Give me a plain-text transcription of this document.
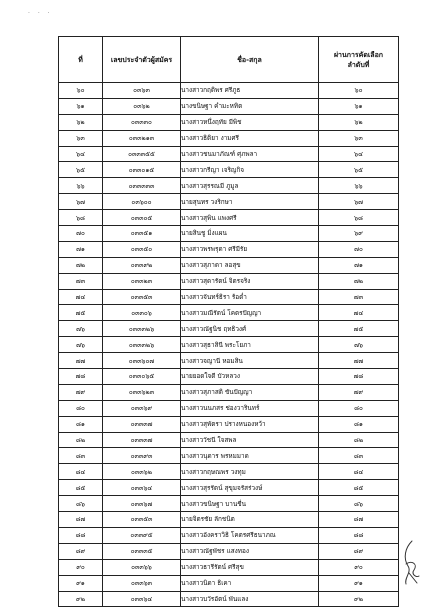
· · ·
ที่	เลขประจำตัวผู้สมัคร	ชื่อ-สกุล	ผ่านการคัดเลือก
ลำดับที่
๖๐	๐๓๖๓	นางสาวกฤติพร ศรีภูธ	๖๐
๖๑	๐๓๖๒	นางขนิษฐา คำมะหทิต	๖๑
๖๒	๐๓๓๓๐	นางสาวหนึ่งฤทัย มีพิช	๖๒
๖๓	๐๓๓๒๑๓	นางสาวธิติยา งามศรี	๖๓
๖๔	๐๓๓๓๕๕	นางสาวชนมาภัณฑ์ ศุภพลา	๖๔
๖๕	๐๓๓๐๑๕	นางสาวกรีญา เจริญกิจ	๖๕
๖๖	๐๓๓๓๓๓	นางสาวสุรรณมี ภูมูล	๖๖
๖๗	๐๓๖๐๐	นายสุนทร วงริกษา	๖๗
๖๘	๐๓๓๐๕	นางสาวสุพิน แพงศรี	๖๘
๗๐	๐๓๓๕๑	นายสินชู มิ่งแผน	๖๙
๗๑	๐๓๓๕๐	นางสาวพรพรุดา ศรีมีรัย	๗๐
๗๒	๐๓๓๙๒	นางสาวสุภาดา ลอสุข	๗๑
๗๓	๐๓๓๒๓	นางสาวสุดารัตน์ จิตรจริง	๗๒
๗๔	๐๓๓๕๓	นางสาวจันทร์ธิรา ร้อต่ำ	๗๓
๗๕	๐๓๓๐๖	นางสาวมณีรัตน์ โคตรปัญญา	๗๔
๗๖	๐๓๓๓๒๖	นางสาวณัฐนิช ฤทธิวงศ์	๗๕
๗๖	๐๓๓๓๒๖	นางสาวสุธาสินี พระโยภา	๗๖
๗๗	๐๓๓๖๐๗	นางสาวจญานี หอมสิน	๗๗
๗๘	๐๓๓๐๖๕	นายยอดใจดี บัวหลวง	๗๘
๗๙	๐๓๓๖๒๓	นางสาวสุภาสติ ขันปัญญา	๗๙
๘๐	๐๓๓๖๙	นางสาวนนภสร ช่องวารินทร์	๘๐
๘๑	๐๓๓๓๗	นางสาวสุพัตรา ปรางหนองหว้า	๘๑
๘๒	๐๓๓๓๗	นางสาววัชนี ใจสพล	๘๒
๘๓	๐๓๓๙๓	นางสาวนุดาร พรหมมาด	๘๓
๘๔	๐๓๓๖๒	นางสาวกฤษณพร วงทุม	๘๔
๘๕	๐๓๓๖๔	นางสาวสุรรัตน์ สุขุมจรัสร่วงษ์	๘๕
๘๖	๐๓๓๖๗	นางสาวขนิษฐา บานชื่น	๘๖
๘๗	๐๓๓๕๓	นายจิตรชัย ลักชนิต	๘๗
๘๘	๐๓๓๙๕	นางสาวอังคราวิธิ โคตรศรีธนาภณ	๘๘
๘๙	๐๓๓๓๕	นางสาวณัฐพัชร แสงทอง	๘๙
๙๐	๐๓๓๖๖	นางสาวธารีรัตน์ ศรีสุข	๙๐
๙๑	๐๓๓๖๓	นางสาวนิดา ธิเคา	๙๑
๙๒	๐๓๓๖๔	นางสาวบวัรอัตน์ พันแลง	๙๒
